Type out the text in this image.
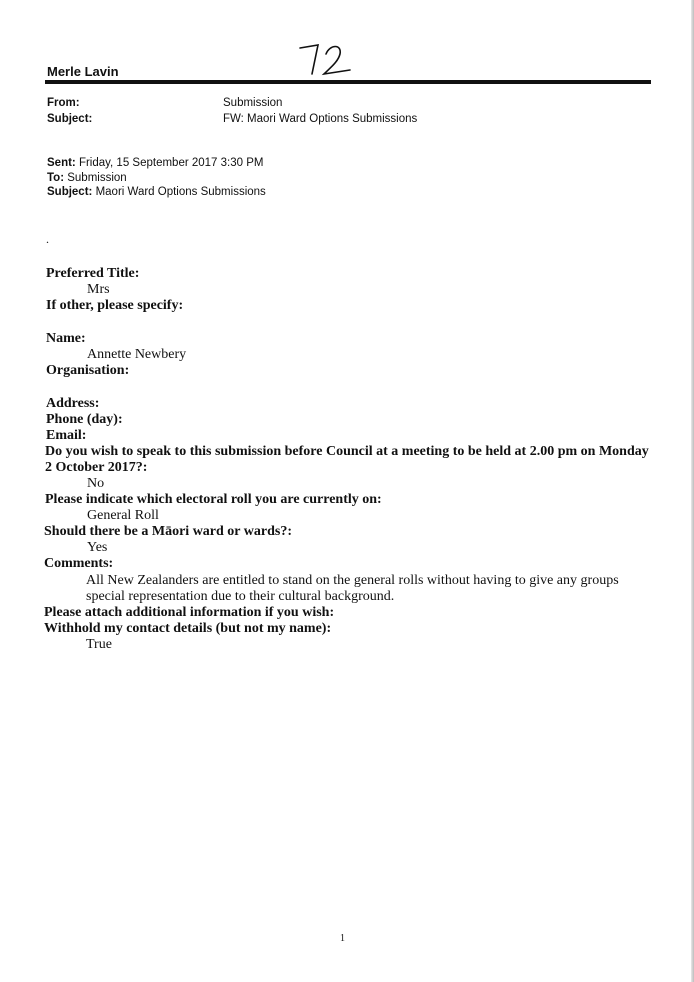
Merle Lavin
From:	Submission
Subject:	FW: Maori Ward Options Submissions
Sent: Friday, 15 September 2017 3:30 PM
To: Submission
Subject: Maori Ward Options Submissions
.
Preferred Title:
Mrs
If other, please specify:
Name:
Annette Newbery
Organisation:
Address:
Phone (day):
Email:
Do you wish to speak to this submission before Council at a meeting to be held at 2.00 pm on Monday
2 October 2017?:
No
Please indicate which electoral roll you are currently on:
General Roll
Should there be a Māori ward or wards?:
Yes
Comments:
All New Zealanders are entitled to stand on the general rolls without having to give any groups
special representation due to their cultural background.
Please attach additional information if you wish:
Withhold my contact details (but not my name):
True
1
